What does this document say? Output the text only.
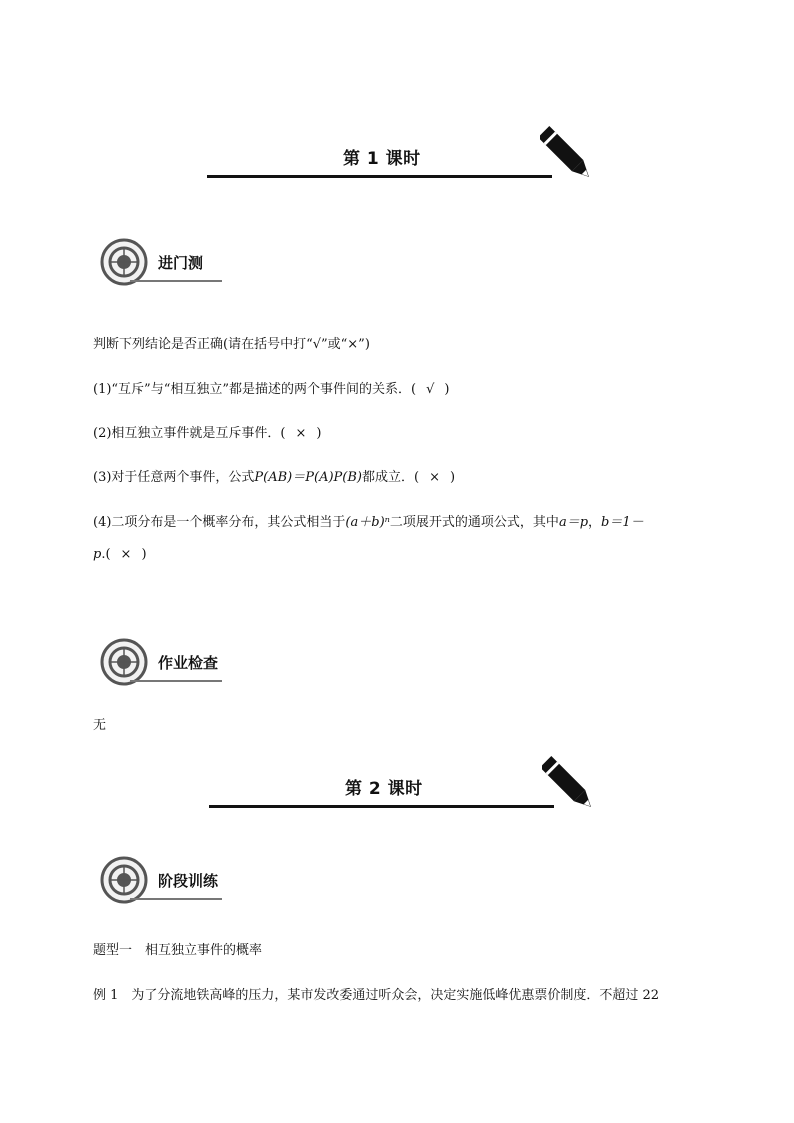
第 1 课时
进门测
判断下列结论是否正确(请在括号中打“√”或“×”)
(1)“互斥”与“相互独立”都是描述的两个事件间的关系．( √ )
(2)相互独立事件就是互斥事件．( × )
(3)对于任意两个事件，公式P(AB)＝P(A)P(B)都成立．( × )
(4)二项分布是一个概率分布，其公式相当于(a＋b)ⁿ二项展开式的通项公式，其中a＝p，b＝1－
p.( × )
作业检查
无
第 2 课时
阶段训练
题型一　相互独立事件的概率
例 1　为了分流地铁高峰的压力，某市发改委通过听众会，决定实施低峰优惠票价制度．不超过 22
